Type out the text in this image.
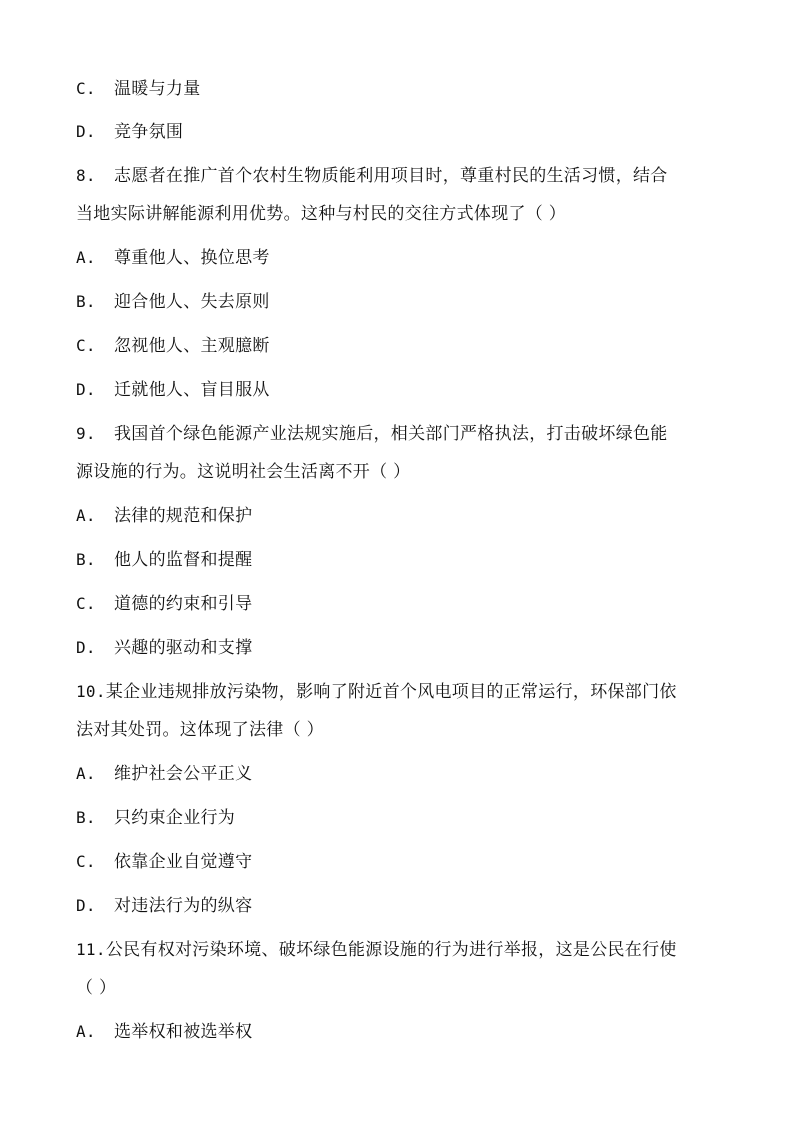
C. 温暖与力量
D. 竞争氛围
8. 志愿者在推广首个农村生物质能利用项目时，尊重村民的生活习惯，结合
当地实际讲解能源利用优势。这种与村民的交往方式体现了（ ）
A. 尊重他人、换位思考
B. 迎合他人、失去原则
C. 忽视他人、主观臆断
D. 迁就他人、盲目服从
9. 我国首个绿色能源产业法规实施后，相关部门严格执法，打击破坏绿色能
源设施的行为。这说明社会生活离不开（ ）
A. 法律的规范和保护
B. 他人的监督和提醒
C. 道德的约束和引导
D. 兴趣的驱动和支撑
10.某企业违规排放污染物，影响了附近首个风电项目的正常运行，环保部门依
法对其处罚。这体现了法律（ ）
A. 维护社会公平正义
B. 只约束企业行为
C. 依靠企业自觉遵守
D. 对违法行为的纵容
11.公民有权对污染环境、破坏绿色能源设施的行为进行举报，这是公民在行使
（ ）
A. 选举权和被选举权
